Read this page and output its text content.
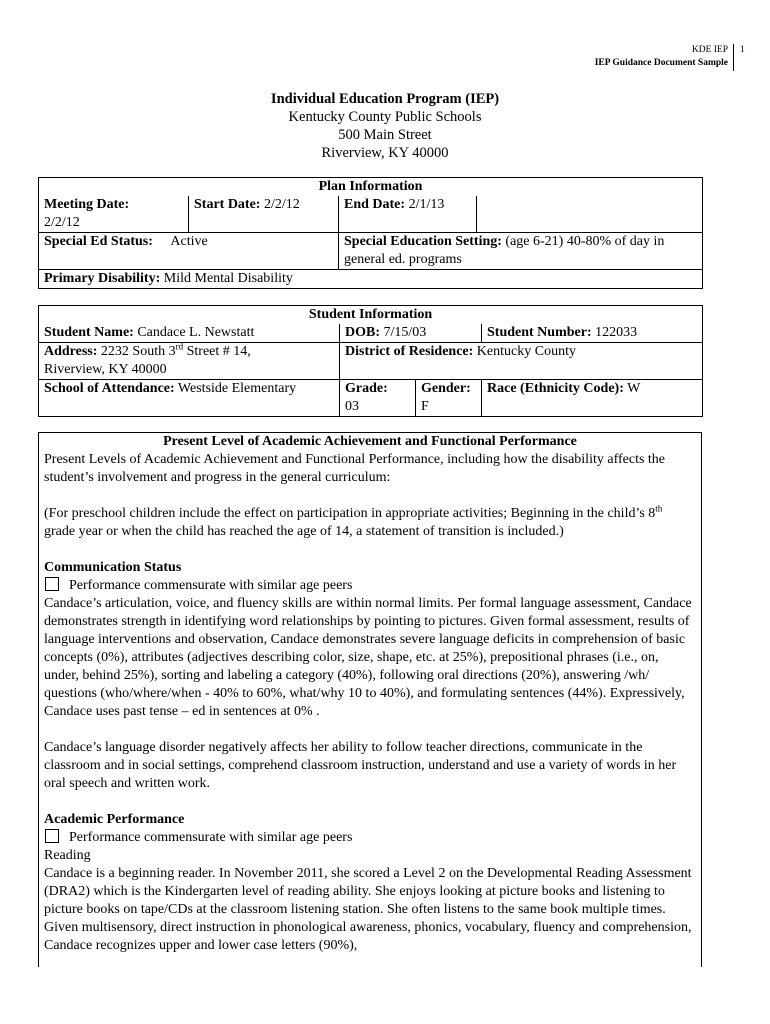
KDE IEP
IEP Guidance Document Sample
1
Individual Education Program (IEP)
Kentucky County Public Schools
500 Main Street
Riverview, KY 40000
Plan Information			
Meeting Date:
2/2/12	Start Date: 2/2/12	End Date: 2/1/13	
Special Ed Status: Active		Special Education Setting: (age 6-21) 40-80% of day in general ed. programs	
Primary Disability: Mild Mental Disability			
Student Information			
Student Name: Candace L. Newstatt	DOB: 7/15/03		Student Number: 122033
Address: 2232 South 3rd Street # 14,
Riverview, KY 40000	District of Residence: Kentucky County		
School of Attendance: Westside Elementary	Grade:
03	Gender:
F	Race (Ethnicity Code): W

Present Level of Academic Achievement and Functional Performance

Present Levels of Academic Achievement and Functional Performance, including how the disability affects the student’s involvement and progress in the general curriculum:

(For preschool children include the effect on participation in appropriate activities; Beginning in the child’s 8th grade year or when the child has reached the age of 14, a statement of transition is included.)

Communication Status

Performance commensurate with similar age peers

Candace’s articulation, voice, and fluency skills are within normal limits. Per formal language assessment, Candace demonstrates strength in identifying word relationships by pointing to pictures. Given formal assessment, results of language interventions and observation, Candace demonstrates severe language deficits in comprehension of basic concepts (0%), attributes (adjectives describing color, size, shape, etc. at 25%), prepositional phrases (i.e., on, under, behind 25%), sorting and labeling a category (40%), following oral directions (20%), answering /wh/ questions (who/where/when - 40% to 60%, what/why 10 to 40%), and formulating sentences (44%). Expressively, Candace uses past tense – ed in sentences at 0% .

Candace’s language disorder negatively affects her ability to follow teacher directions, communicate in the classroom and in social settings, comprehend classroom instruction, understand and use a variety of words in her oral speech and written work.

Academic Performance

Performance commensurate with similar age peers

Reading

Candace is a beginning reader. In November 2011, she scored a Level 2 on the Developmental Reading Assessment (DRA2) which is the Kindergarten level of reading ability. She enjoys looking at picture books and listening to picture books on tape/CDs at the classroom listening station. She often listens to the same book multiple times. Given multisensory, direct instruction in phonological awareness, phonics, vocabulary, fluency and comprehension, Candace recognizes upper and lower case letters (90%),
